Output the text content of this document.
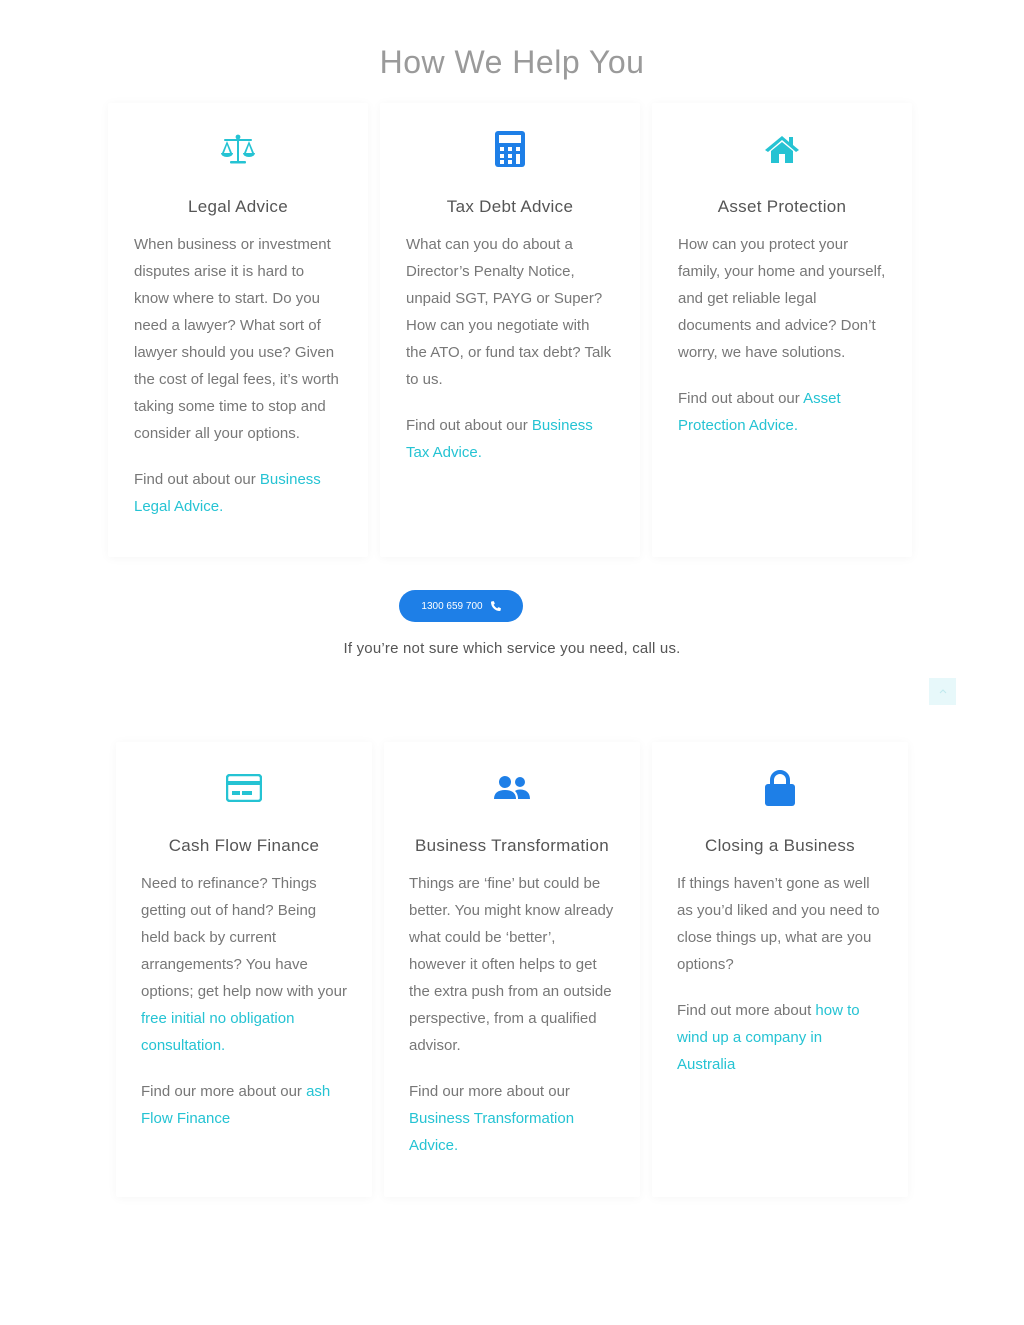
How We Help You
Legal Advice

When business or investment disputes arise it is hard to know where to start. Do you need a lawyer? What sort of lawyer should you use? Given the cost of legal fees, it’s worth taking some time to stop and consider all your options.

Find out about our Business Legal Advice.

Tax Debt Advice

What can you do about a Director’s Penalty Notice, unpaid SGT, PAYG or Super? How can you negotiate with the ATO, or fund tax debt? Talk to us.

Find out about our Business Tax Advice.

Asset Protection

How can you protect your family, your home and yourself, and get reliable legal documents and advice? Don’t worry, we have solutions.

Find out about our Asset Protection Advice.

1300 659 700

If you’re not sure which service you need, call us.

Cash Flow Finance

Need to refinance? Things getting out of hand? Being held back by current arrangements? You have options; get help now with your free initial no obligation consultation.

Find our more about our ash Flow Finance

Business Transformation

Things are ‘fine’ but could be better. You might know already what could be ‘better’, however it often helps to get the extra push from an outside perspective, from a qualified advisor.

Find our more about our Business Transformation Advice.

Closing a Business

If things haven’t gone as well as you’d liked and you need to close things up, what are you options?

Find out more about how to wind up a company in Australia
